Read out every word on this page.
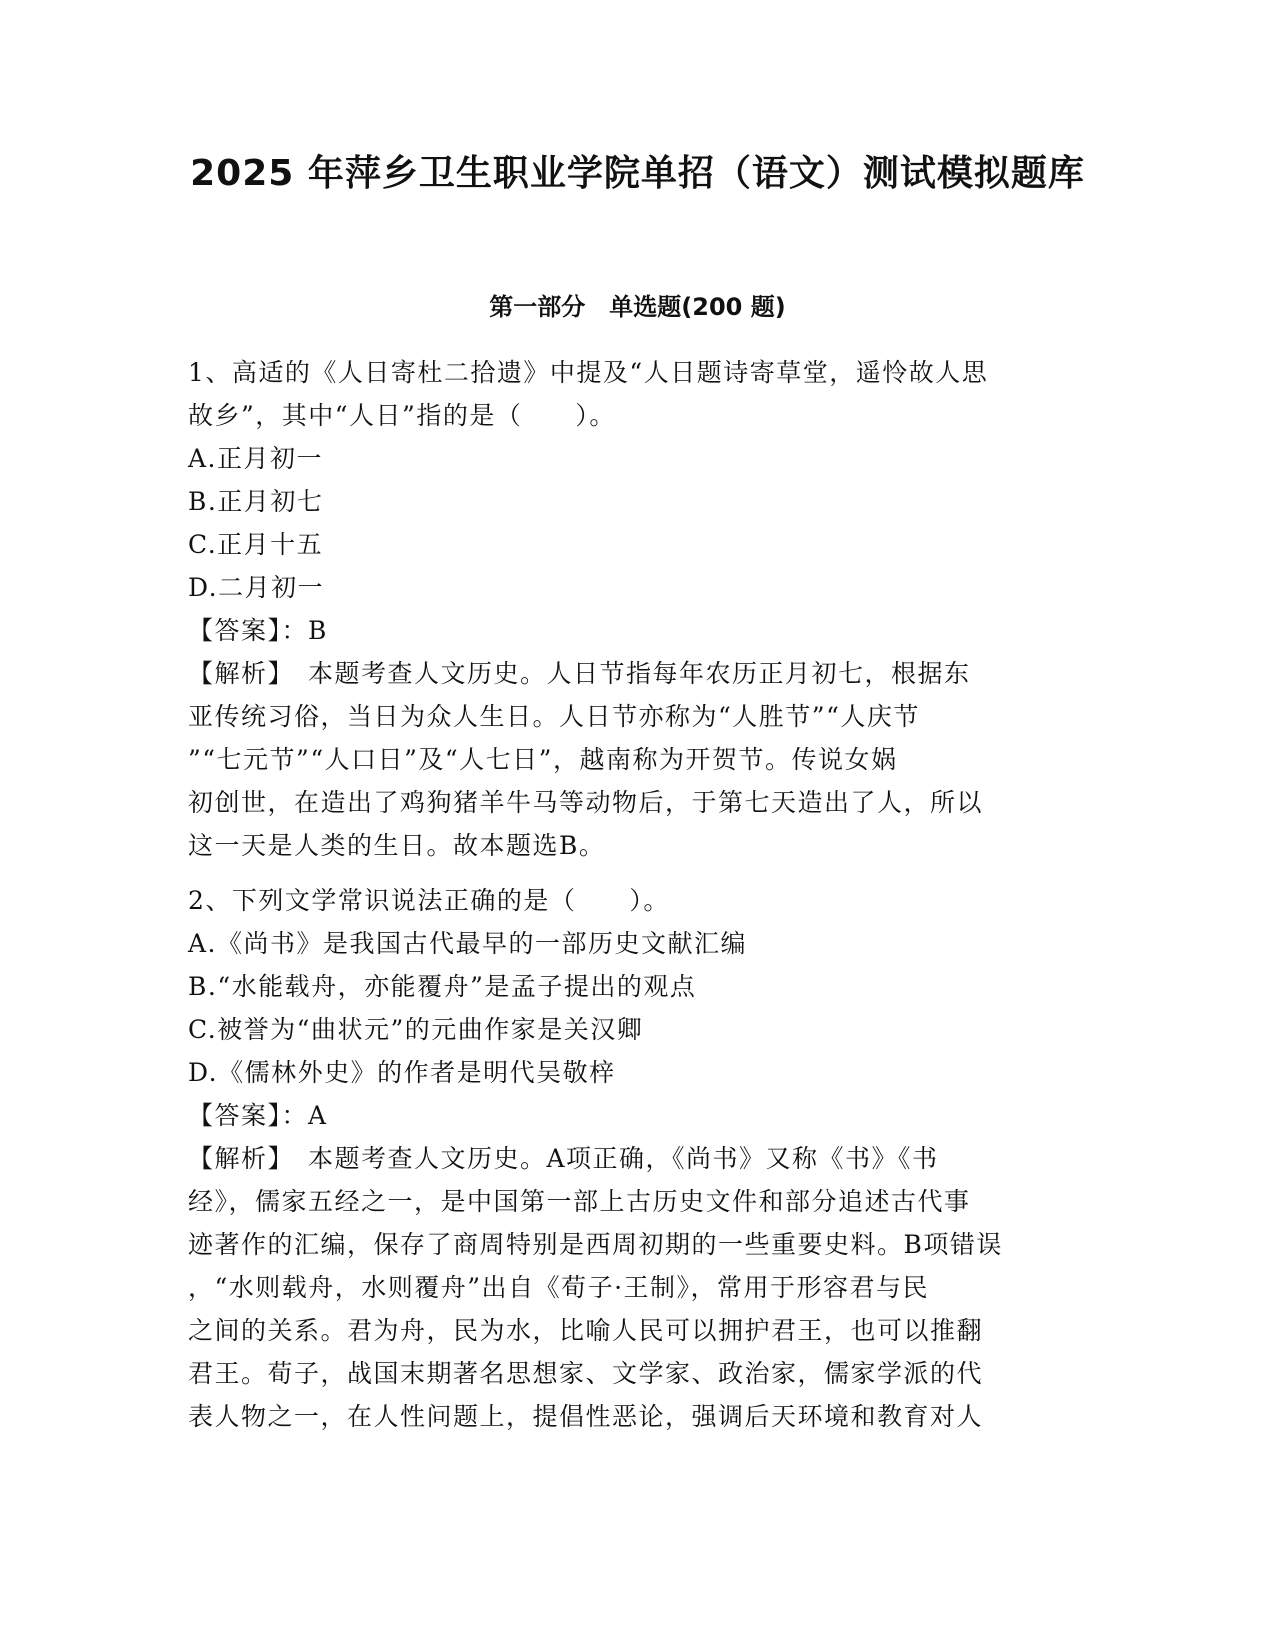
2025 年萍乡卫生职业学院单招（语文）测试模拟题库
第一部分　单选题(200 题)
1、高适的《人日寄杜二拾遗》中提及“人日题诗寄草堂，遥怜故人思
故乡”，其中“人日”指的是（　　）。
A.正月初一
B.正月初七
C.正月十五
D.二月初一
【答案】：B
【解析】　本题考查人文历史。人日节指每年农历正月初七，根据东
亚传统习俗，当日为众人生日。人日节亦称为“人胜节”“人庆节
”“七元节”“人口日”及“人七日”，越南称为开贺节。传说女娲
初创世，在造出了鸡狗猪羊牛马等动物后，于第七天造出了人，所以
这一天是人类的生日。故本题选B。
2、下列文学常识说法正确的是（　　）。
A.《尚书》是我国古代最早的一部历史文献汇编
B.“水能载舟，亦能覆舟”是孟子提出的观点
C.被誉为“曲状元”的元曲作家是关汉卿
D.《儒林外史》的作者是明代吴敬梓
【答案】：A
【解析】　本题考查人文历史。A项正确，《尚书》又称《书》《书
经》，儒家五经之一，是中国第一部上古历史文件和部分追述古代事
迹著作的汇编，保存了商周特别是西周初期的一些重要史料。B项错误
，“水则载舟，水则覆舟”出自《荀子·王制》，常用于形容君与民
之间的关系。君为舟，民为水，比喻人民可以拥护君王，也可以推翻
君王。荀子，战国末期著名思想家、文学家、政治家，儒家学派的代
表人物之一，在人性问题上，提倡性恶论，强调后天环境和教育对人
